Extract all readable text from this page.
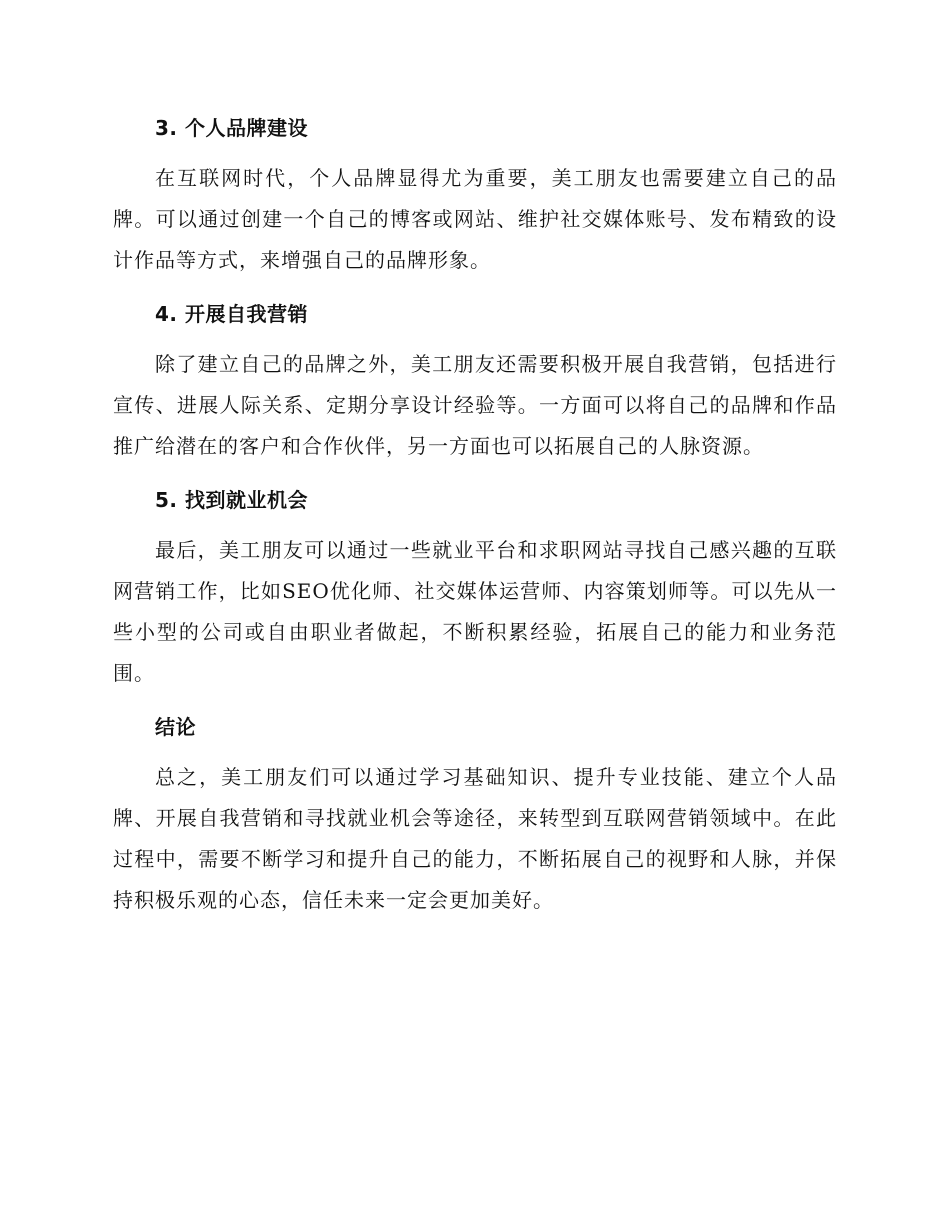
3. 个人品牌建设

在互联网时代，个人品牌显得尤为重要，美工朋友也需要建立自己的品牌。可以通过创建一个自己的博客或网站、维护社交媒体账号、发布精致的设计作品等方式，来增强自己的品牌形象。

4. 开展自我营销

除了建立自己的品牌之外，美工朋友还需要积极开展自我营销，包括进行宣传、进展人际关系、定期分享设计经验等。一方面可以将自己的品牌和作品推广给潜在的客户和合作伙伴，另一方面也可以拓展自己的人脉资源。

5. 找到就业机会

最后，美工朋友可以通过一些就业平台和求职网站寻找自己感兴趣的互联网营销工作，比如SEO优化师、社交媒体运营师、内容策划师等。可以先从一些小型的公司或自由职业者做起，不断积累经验，拓展自己的能力和业务范围。

结论

总之，美工朋友们可以通过学习基础知识、提升专业技能、建立个人品牌、开展自我营销和寻找就业机会等途径，来转型到互联网营销领域中。在此过程中，需要不断学习和提升自己的能力，不断拓展自己的视野和人脉，并保持积极乐观的心态，信任未来一定会更加美好。
